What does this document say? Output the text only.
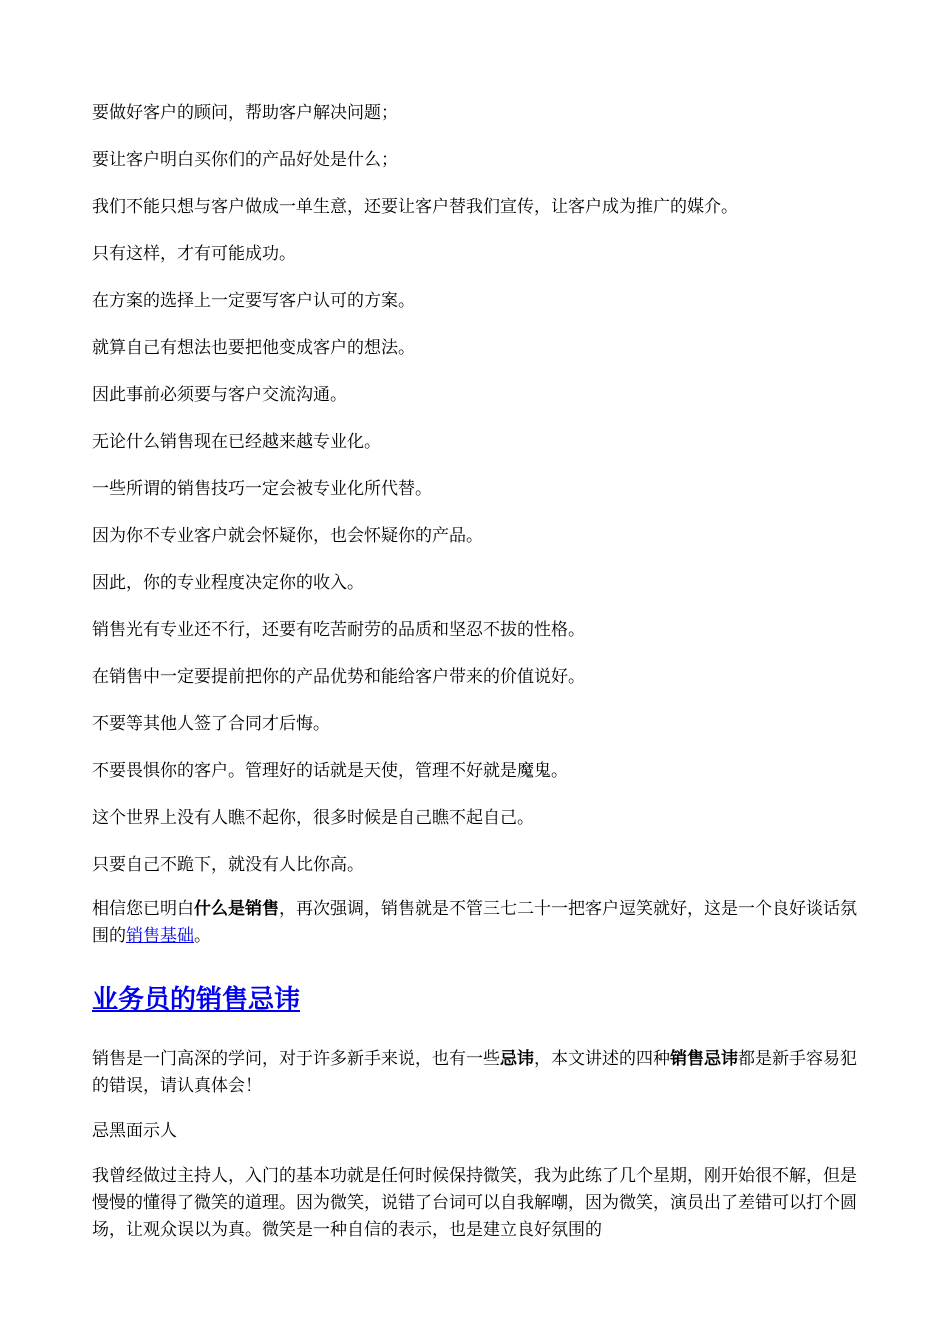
要做好客户的顾问，帮助客户解决问题；

要让客户明白买你们的产品好处是什么；

我们不能只想与客户做成一单生意，还要让客户替我们宣传，让客户成为推广的媒介。

只有这样，才有可能成功。

在方案的选择上一定要写客户认可的方案。

就算自己有想法也要把他变成客户的想法。

因此事前必须要与客户交流沟通。

无论什么销售现在已经越来越专业化。

一些所谓的销售技巧一定会被专业化所代替。

因为你不专业客户就会怀疑你，也会怀疑你的产品。

因此，你的专业程度决定你的收入。

销售光有专业还不行，还要有吃苦耐劳的品质和坚忍不拔的性格。

在销售中一定要提前把你的产品优势和能给客户带来的价值说好。

不要等其他人签了合同才后悔。

不要畏惧你的客户。管理好的话就是天使，管理不好就是魔鬼。

这个世界上没有人瞧不起你，很多时候是自己瞧不起自己。

只要自己不跪下，就没有人比你高。

相信您已明白什么是销售，再次强调，销售就是不管三七二十一把客户逗笑就好，这是一个良好谈话氛围的销售基础。

业务员的销售忌讳

销售是一门高深的学问，对于许多新手来说，也有一些忌讳，本文讲述的四种销售忌讳都是新手容易犯的错误，请认真体会！

忌黑面示人

我曾经做过主持人，入门的基本功就是任何时候保持微笑，我为此练了几个星期，刚开始很不解，但是慢慢的懂得了微笑的道理。因为微笑，说错了台词可以自我解嘲，因为微笑，演员出了差错可以打个圆场，让观众误以为真。微笑是一种自信的表示，也是建立良好氛围的
